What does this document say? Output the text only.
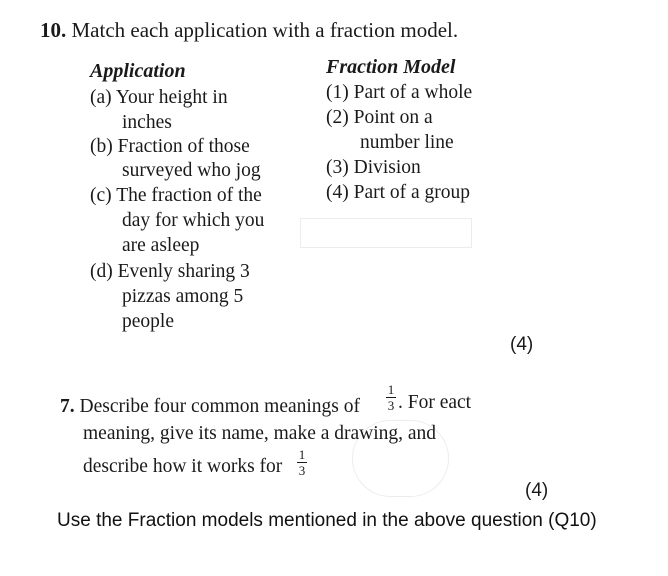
10. Match each application with a fraction model.
Application	Fraction Model
(a) Your height in
inches
(b) Fraction of those
surveyed who jog
(c) The fraction of the
day for which you
are asleep
(d) Evenly sharing 3
pizzas among 5
people
(1) Part of a whole
(2) Point on a
number line
(3) Division
(4) Part of a group
(4)
7. Describe four common meanings of
1
3 . For eact
meaning, give its name, make a drawing, and
describe how it works for
1
3
(4)
Use the Fraction models mentioned in the above question (Q10)
